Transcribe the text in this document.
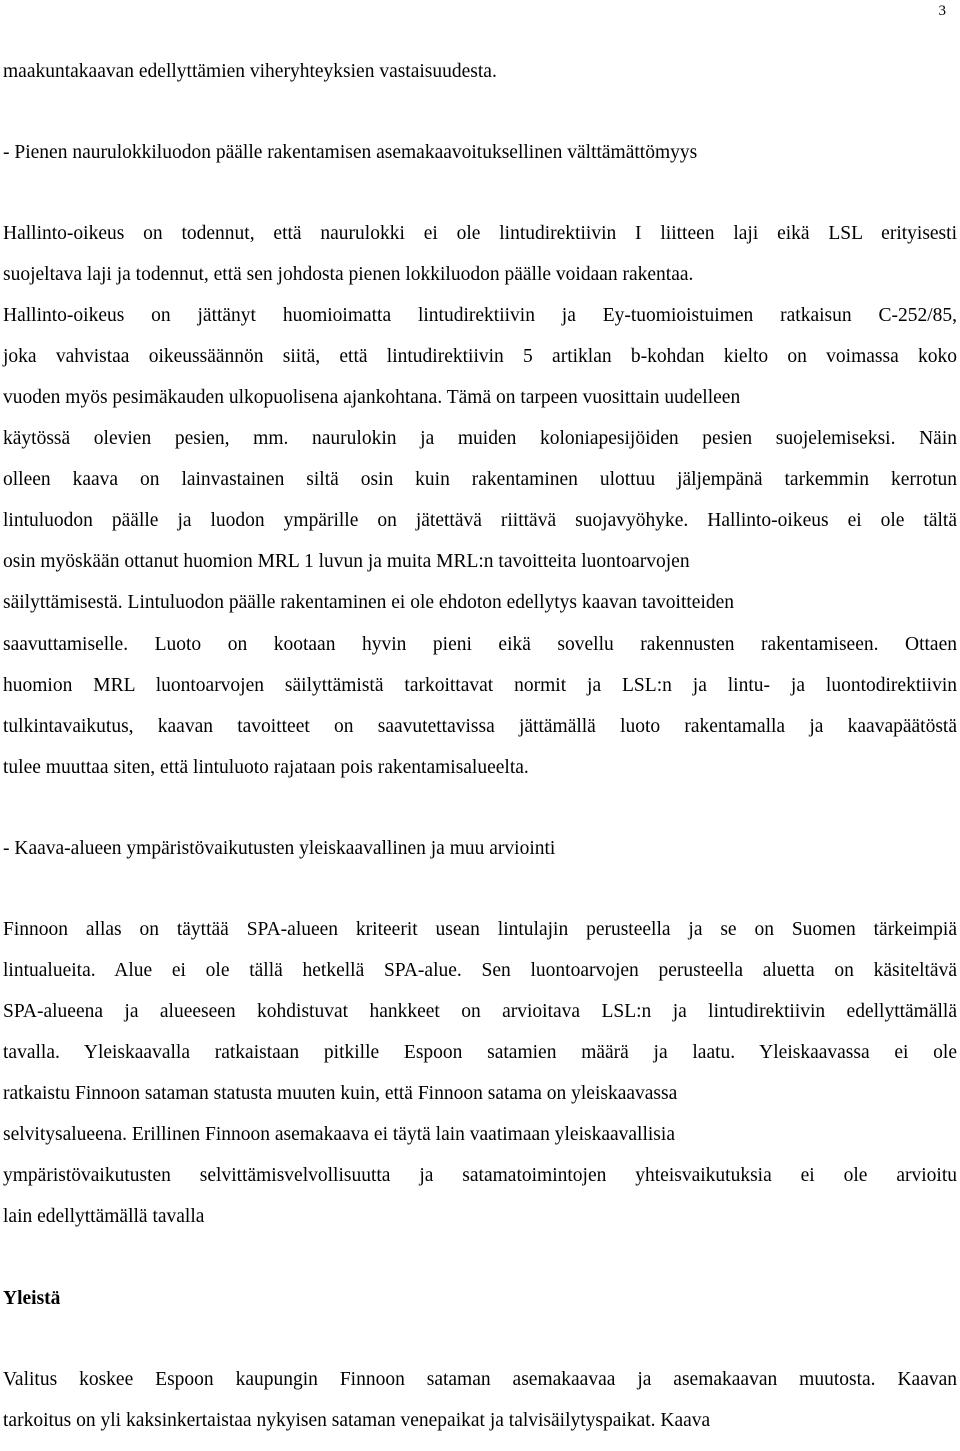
3

maakuntakaavan edellyttämien viheryhteyksien vastaisuudesta.

- Pienen naurulokkiluodon päälle rakentamisen asemakaavoituksellinen välttämättömyys

Hallinto-oikeus on todennut, että naurulokki ei ole lintudirektiivin I liitteen laji eikä LSL erityisesti

suojeltava laji ja todennut, että sen johdosta pienen lokkiluodon päälle voidaan rakentaa.

Hallinto-oikeus on jättänyt huomioimatta lintudirektiivin ja Ey-tuomioistuimen ratkaisun C-252/85,

joka vahvistaa oikeussäännön siitä, että lintudirektiivin 5 artiklan b-kohdan kielto on voimassa koko

vuoden myös pesimäkauden ulkopuolisena ajankohtana. Tämä on tarpeen vuosittain uudelleen

käytössä olevien pesien, mm. naurulokin ja muiden koloniapesijöiden pesien suojelemiseksi. Näin

olleen kaava on lainvastainen siltä osin kuin rakentaminen ulottuu jäljempänä tarkemmin kerrotun

lintuluodon päälle ja luodon ympärille on jätettävä riittävä suojavyöhyke. Hallinto-oikeus ei ole tältä

osin myöskään ottanut huomion MRL 1 luvun ja muita MRL:n tavoitteita luontoarvojen

säilyttämisestä. Lintuluodon päälle rakentaminen ei ole ehdoton edellytys kaavan tavoitteiden

saavuttamiselle. Luoto on kootaan hyvin pieni eikä sovellu rakennusten rakentamiseen. Ottaen

huomion MRL luontoarvojen säilyttämistä tarkoittavat normit ja LSL:n ja lintu- ja luontodirektiivin

tulkintavaikutus, kaavan tavoitteet on saavutettavissa jättämällä luoto rakentamalla ja kaavapäätöstä

tulee muuttaa siten, että lintuluoto rajataan pois rakentamisalueelta.

- Kaava-alueen ympäristövaikutusten yleiskaavallinen ja muu arviointi

Finnoon allas on täyttää SPA-alueen kriteerit usean lintulajin perusteella ja se on Suomen tärkeimpiä

lintualueita. Alue ei ole tällä hetkellä SPA-alue. Sen luontoarvojen perusteella aluetta on käsiteltävä

SPA-alueena ja alueeseen kohdistuvat hankkeet on arvioitava LSL:n ja lintudirektiivin edellyttämällä

tavalla. Yleiskaavalla ratkaistaan pitkille Espoon satamien määrä ja laatu. Yleiskaavassa ei ole

ratkaistu Finnoon sataman statusta muuten kuin, että Finnoon satama on yleiskaavassa

selvitysalueena. Erillinen Finnoon asemakaava ei täytä lain vaatimaan yleiskaavallisia

ympäristövaikutusten selvittämisvelvollisuutta ja satamatoimintojen yhteisvaikutuksia ei ole arvioitu

lain edellyttämällä tavalla

Yleistä

Valitus koskee Espoon kaupungin Finnoon sataman asemakaavaa ja asemakaavan muutosta. Kaavan

tarkoitus on yli kaksinkertaistaa nykyisen sataman venepaikat ja talvisäilytyspaikat. Kaava
